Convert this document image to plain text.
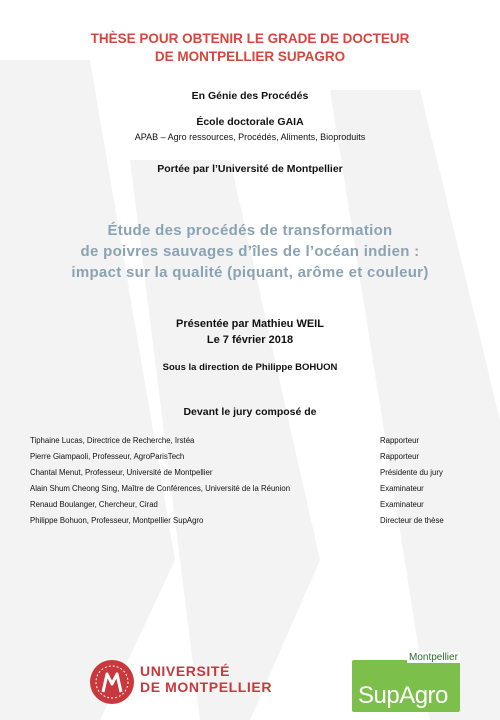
THÈSE POUR OBTENIR LE GRADE DE DOCTEUR
DE MONTPELLIER SUPAGRO
En Génie des Procédés
École doctorale GAIA
APAB – Agro ressources, Procédés, Aliments, Bioproduits
Portée par l’Université de Montpellier
Étude des procédés de transformation
de poivres sauvages d’îles de l’océan indien :
impact sur la qualité (piquant, arôme et couleur)
Présentée par Mathieu WEIL
Le 7 février 2018
Sous la direction de Philippe BOHUON
Devant le jury composé de
Tiphaine Lucas, Directrice de Recherche, Irstéa	Rapporteur
Pierre Giampaoli, Professeur, AgroParisTech	Rapporteur
Chantal Menut, Professeur, Université de Montpellier	Présidente du jury
Alain Shum Cheong Sing, Maître de Conférences, Université de la Réunion	Examinateur
Renaud Boulanger, Chercheur, Cirad	Examinateur
Philippe Bohuon, Professeur, Montpellier SupAgro	Directeur de thèse
UNIVERSITÉ
DE MONTPELLIER	SupAgro
Montpellier
